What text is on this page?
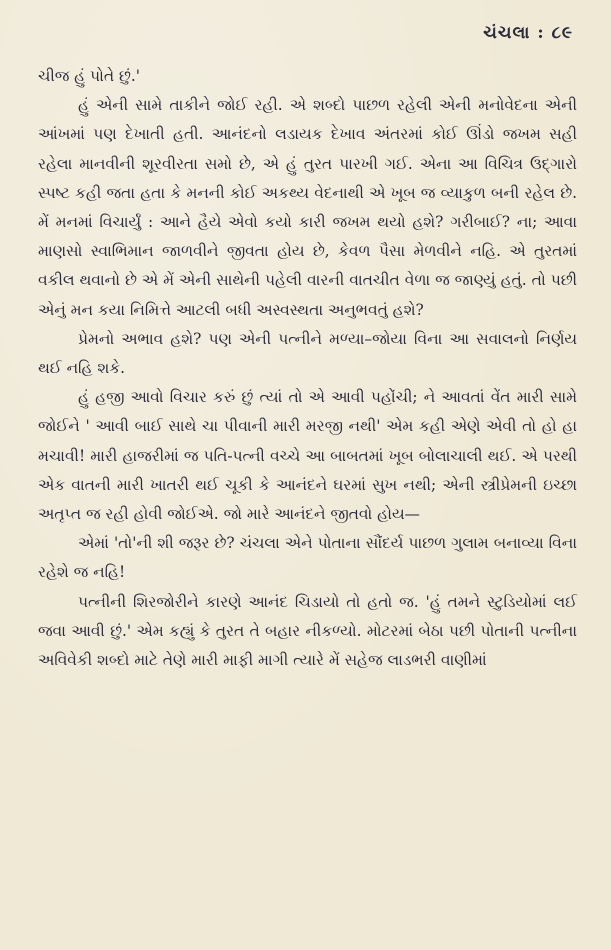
ચંચલા : ૮૯

ચીજ હું પોતે છું.'

હું એની સામે તાકીને જોઈ રહી. એ શબ્દો પાછળ રહેલી એની મનોવેદના એની આંખમાં પણ દેખાતી હતી. આનંદનો લડાયક દેખાવ અંતરમાં કોઈ ઊંડો જખમ સહી રહેલા માનવીની શૂરવીરતા સમો છે, એ હું તુરત પારખી ગઈ. એના આ વિચિત્ર ઉદ્‌ગારો સ્પષ્ટ કહી જતા હતા કે મનની કોઈ અકથ્ય વેદનાથી એ ખૂબ જ વ્યાકુળ બની રહેલ છે. મેં મનમાં વિચાર્યું : આને હૈયે એવો કયો કારી જખમ થયો હશે? ગરીબાઈ? ના; આવા માણસો સ્વાભિમાન જાળવીને જીવતા હોય છે, કેવળ પૈસા મેળવીને નહિ. એ તુરતમાં વકીલ થવાનો છે એ મેં એની સાથેની પહેલી વારની વાતચીત વેળા જ જાણ્યું હતું. તો પછી એનું મન કયા નિમિત્તે આટલી બધી અસ્વસ્થતા અનુભવતું હશે?

પ્રેમનો અભાવ હશે? પણ એની પત્નીને મળ્યા–જોયા વિના આ સવાલનો નિર્ણય થઈ નહિ શકે.

હું હજી આવો વિચાર કરું છું ત્યાં તો એ આવી પહોંચી; ને આવતાં વેંત મારી સામે જોઈને ' આવી બાઈ સાથે ચા પીવાની મારી મરજી નથી' એમ કહી એણે એવી તો હો હા મચાવી! મારી હાજરીમાં જ પતિ-પત્ની વચ્ચે આ બાબતમાં ખૂબ બોલાચાલી થઈ. એ પરથી એક વાતની મારી ખાતરી થઈ ચૂકી કે આનંદને ઘરમાં સુખ નથી; એની સ્ત્રીપ્રેમની ઇચ્છા અતૃપ્ત જ રહી હોવી જોઈએ. જો મારે આનંદને જીતવો હોય—

એમાં 'તો'ની શી જરૂર છે? ચંચલા એને પોતાના સૌંદર્ય પાછળ ગુલામ બનાવ્યા વિના રહેશે જ નહિ!

પત્નીની શિરજોરીને કારણે આનંદ ચિડાયો તો હતો જ. 'હું તમને સ્ટુડિયોમાં લઈ જવા આવી છું.' એમ કહ્યું કે તુરત તે બહાર નીકળ્યો. મોટરમાં બેઠા પછી પોતાની પત્નીના અવિવેકી શબ્દો માટે તેણે મારી માફી માગી ત્યારે મેં સહેજ લાડભરી વાણીમાં
